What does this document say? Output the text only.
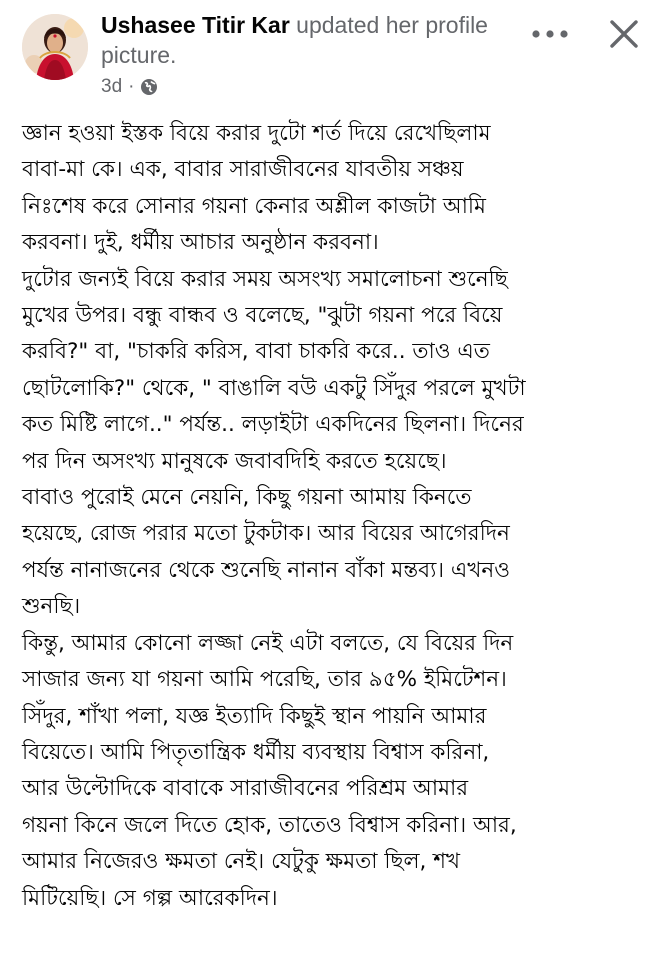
Ushasee Titir Kar updated her profile picture.
3d ·
জ্ঞান হওয়া ইস্তক বিয়ে করার দুটো শর্ত দিয়ে রেখেছিলাম
বাবা-মা কে। এক, বাবার সারাজীবনের যাবতীয় সঞ্চয়
নিঃশেষ করে সোনার গয়না কেনার অশ্লীল কাজটা আমি
করবনা। দুই, ধর্মীয় আচার অনুষ্ঠান করবনা।
দুটোর জন্যই বিয়ে করার সময় অসংখ্য সমালোচনা শুনেছি
মুখের উপর। বন্ধু বান্ধব ও বলেছে, "ঝুটা গয়না পরে বিয়ে
করবি?" বা, "চাকরি করিস, বাবা চাকরি করে.. তাও এত
ছোটলোকি?" থেকে, " বাঙালি বউ একটু সিঁদুর পরলে মুখটা
কত মিষ্টি লাগে.." পর্যন্ত.. লড়াইটা একদিনের ছিলনা। দিনের
পর দিন অসংখ্য মানুষকে জবাবদিহি করতে হয়েছে।
বাবাও পুরোই মেনে নেয়নি, কিছু গয়না আমায় কিনতে
হয়েছে, রোজ পরার মতো টুকটাক। আর বিয়ের আগেরদিন
পর্যন্ত নানাজনের থেকে শুনেছি নানান বাঁকা মন্তব্য। এখনও
শুনছি।
কিন্তু, আমার কোনো লজ্জা নেই এটা বলতে, যে বিয়ের দিন
সাজার জন্য যা গয়না আমি পরেছি, তার ৯৫% ইমিটেশন।
সিঁদুর, শাঁখা পলা, যজ্ঞ ইত্যাদি কিছুই স্থান পায়নি আমার
বিয়েতে। আমি পিতৃতান্ত্রিক ধর্মীয় ব্যবস্থায় বিশ্বাস করিনা,
আর উল্টোদিকে বাবাকে সারাজীবনের পরিশ্রম আমার
গয়না কিনে জলে দিতে হোক, তাতেও বিশ্বাস করিনা। আর,
আমার নিজেরও ক্ষমতা নেই। যেটুকু ক্ষমতা ছিল, শখ
মিটিয়েছি। সে গল্প আরেকদিন।
